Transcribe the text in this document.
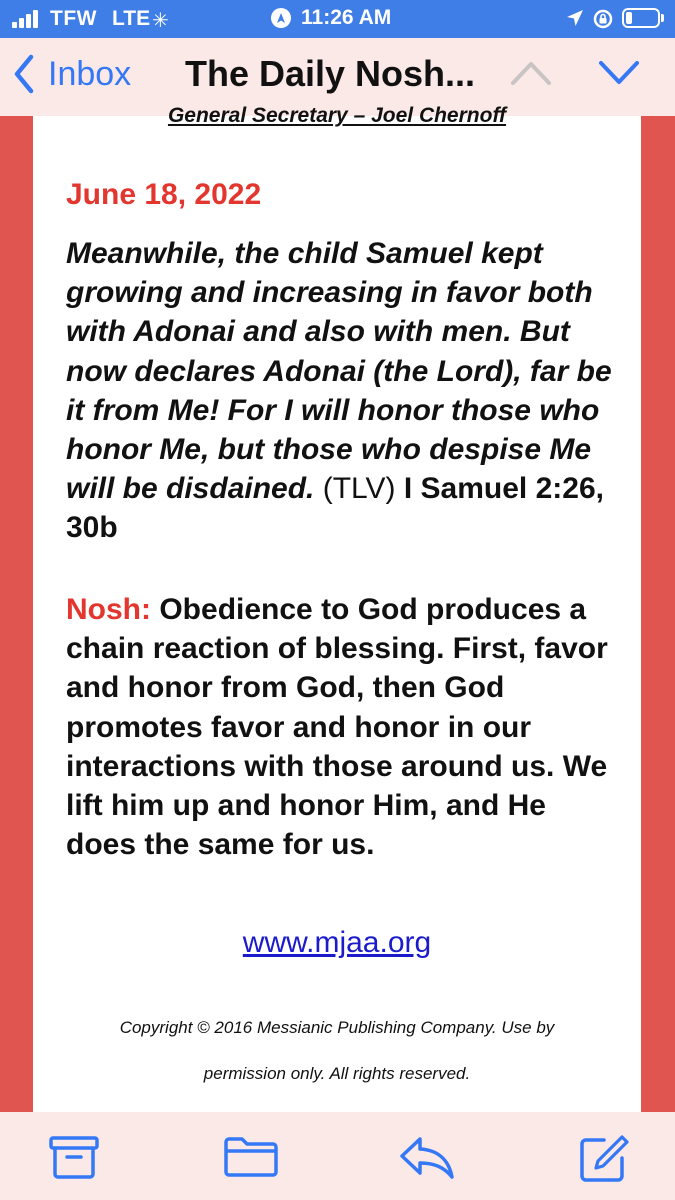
TFW LTE ✳	11:26 AM
Inbox The Daily Nosh...
General Secretary – Joel Chernoff
June 18, 2022
Meanwhile, the child Samuel kept growing and increasing in favor both with Adonai and also with men. But now declares Adonai (the Lord), far be it from Me! For I will honor those who honor Me, but those who despise Me will be disdained. (TLV) I Samuel 2:26, 30b
Nosh: Obedience to God produces a chain reaction of blessing. First, favor and honor from God, then God promotes favor and honor in our interactions with those around us. We lift him up and honor Him, and He does the same for us.
www.mjaa.org
Copyright © 2016 Messianic Publishing Company. Use by
permission only. All rights reserved.
